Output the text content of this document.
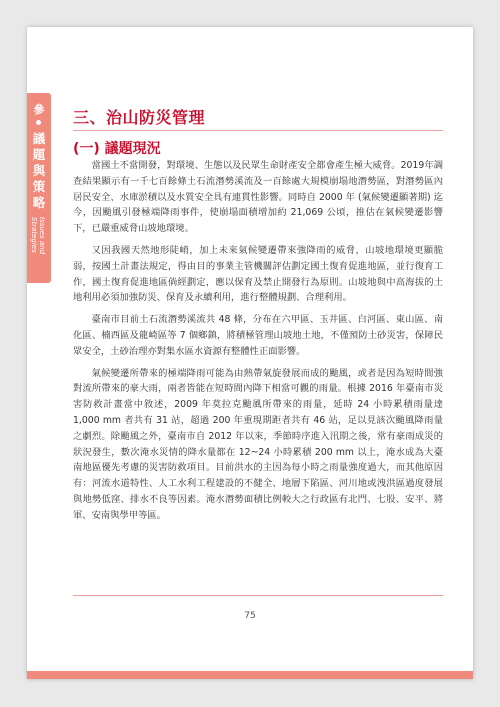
參
議題與策略
Issues and
Strategies
三、治山防災管理
(一) 議題現況

當國土不當開發，對環境、生態以及民眾生命財產安全都會產生極大威脅。2019年調查結果顯示有一千七百餘條土石流潛勢溪流及一百餘處大規模崩塌地潛勢區，對潛勢區內居民安全、水庫淤積以及水質安全具有連貫性影響。同時自 2000 年 (氣候變遷顯著期) 迄今，因颱風引發極端降雨事件，使崩塌面積增加約 21,069 公頃，推估在氣候變遷影響下，已嚴重威脅山坡地環境。

又因我國天然地形陡峭，加上未來氣候變遷帶來強降雨的威脅，山坡地環境更顯脆弱，按國土計畫法規定，得由目的事業主管機關評估劃定國土復育促進地區，並行復育工作，國土復育促進地區倘經劃定，應以保育及禁止開發行為原則。山坡地與中高海拔的土地利用必須加強防災、保育及永續利用，進行整體規劃、合理利用。

臺南市目前土石流潛勢溪流共 48 條，分布在六甲區、玉井區、白河區、東山區、南化區、楠西區及龍崎區等 7 個鄉鎮，將積極管理山坡地土地，不僅預防土砂災害，保障民眾安全，土砂治理亦對集水區水資源有整體性正面影響。

氣候變遷所帶來的極端降雨可能為由熱帶氣旋發展而成的颱風，或者是因為短時間強對流所帶來的豪大雨，兩者皆能在短時間內降下相當可觀的雨量。根據 2016 年臺南市災害防救計畫當中敘述，2009 年莫拉克颱風所帶來的雨量，延時 24 小時累積雨量達 1,000 mm 者共有 31 站，超過 200 年重現期距者共有 46 站，足以見該次颱風降雨量之劇烈。除颱風之外，臺南市自 2012 年以來，季節時序進入汛期之後，常有豪雨成災的狀況發生，數次淹水災情的降水量都在 12~24 小時累積 200 mm 以上，淹水成為大臺南地區優先考慮的災害防救項目。目前洪水的主因為每小時之雨量強度過大，而其他原因有：河流水道特性、人工水利工程建設的不健全、地層下陷區、河川地或洩洪區過度發展與地勢低窪、排水不良等因素。淹水潛勢面積比例較大之行政區有北門、七股、安平、將軍、安南與學甲等區。

75
